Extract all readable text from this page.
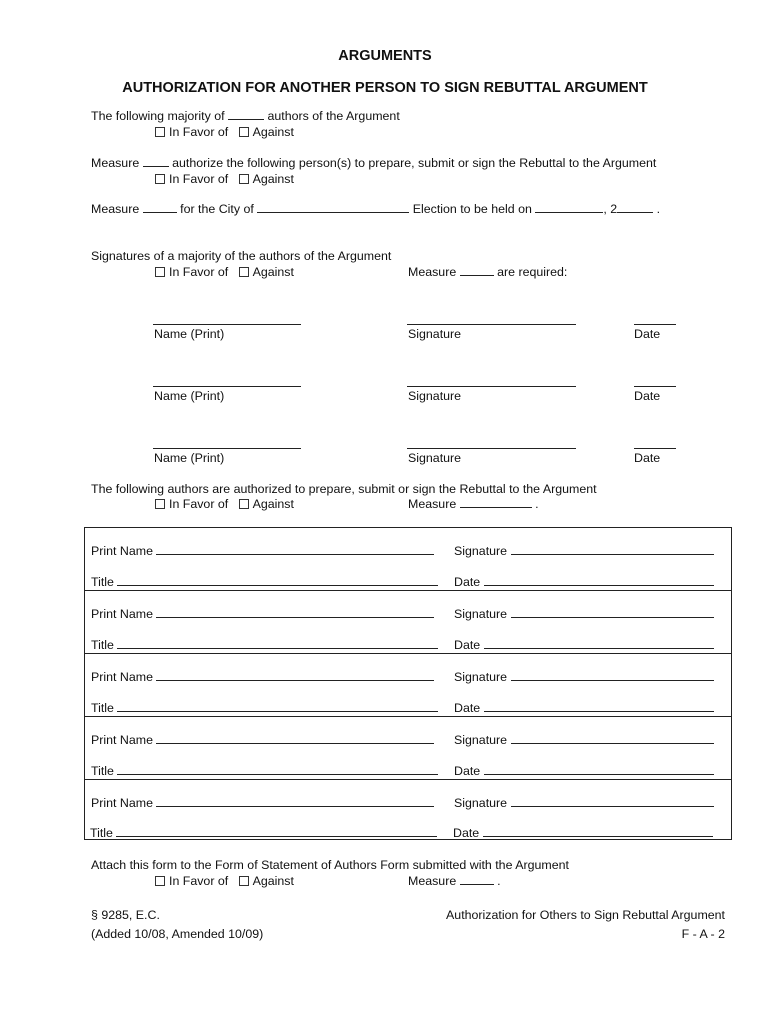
ARGUMENTS
AUTHORIZATION FOR ANOTHER PERSON TO SIGN REBUTTAL ARGUMENT
The following majority of	authors of the Argument
In Favor of Against
Measure	authorize the following person(s) to prepare, submit or sign the Rebuttal to the Argument
In Favor of Against
Measure	for the City of	Election to be held on	, 2	.
Signatures of a majority of the authors of the Argument
In Favor of Against	Measure	are required:
Name (Print)	Signature	Date
Name (Print)	Signature	Date
Name (Print)	Signature	Date
The following authors are authorized to prepare, submit or sign the Rebuttal to the Argument
In Favor of Against	Measure	.
Print Name	Signature
Title	Date
Print Name	Signature
Title	Date
Print Name	Signature
Title	Date
Print Name	Signature
Title	Date
Print Name	Signature
Title	Date
Attach this form to the Form of Statement of Authors Form submitted with the Argument
In Favor of Against	Measure	.
§ 9285, E.C.
(Added 10/08, Amended 10/09)
Authorization for Others to Sign Rebuttal Argument
F - A - 2
